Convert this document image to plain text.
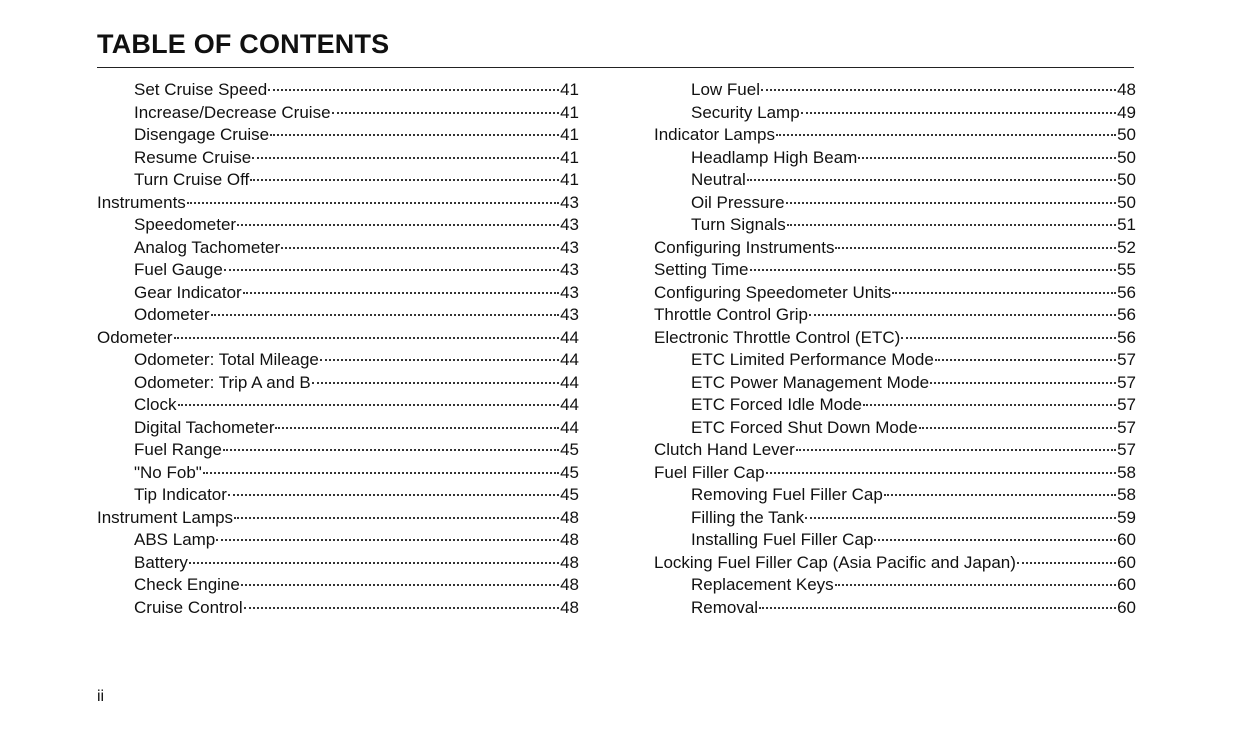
TABLE OF CONTENTS
Set Cruise Speed	41
Increase/Decrease Cruise	41
Disengage Cruise	41
Resume Cruise	41
Turn Cruise Off	41
Instruments	43
Speedometer	43
Analog Tachometer	43
Fuel Gauge	43
Gear Indicator	43
Odometer	43
Odometer	44
Odometer: Total Mileage	44
Odometer: Trip A and B	44
Clock	44
Digital Tachometer	44
Fuel Range	45
"No Fob"	45
Tip Indicator	45
Instrument Lamps	48
ABS Lamp	48
Battery	48
Check Engine	48
Cruise Control	48
Low Fuel	48
Security Lamp	49
Indicator Lamps	50
Headlamp High Beam	50
Neutral	50
Oil Pressure	50
Turn Signals	51
Configuring Instruments	52
Setting Time	55
Configuring Speedometer Units	56
Throttle Control Grip	56
Electronic Throttle Control (ETC)	56
ETC Limited Performance Mode	57
ETC Power Management Mode	57
ETC Forced Idle Mode	57
ETC Forced Shut Down Mode	57
Clutch Hand Lever	57
Fuel Filler Cap	58
Removing Fuel Filler Cap	58
Filling the Tank	59
Installing Fuel Filler Cap	60
Locking Fuel Filler Cap (Asia Pacific and Japan)	60
Replacement Keys	60
Removal	60
ii
